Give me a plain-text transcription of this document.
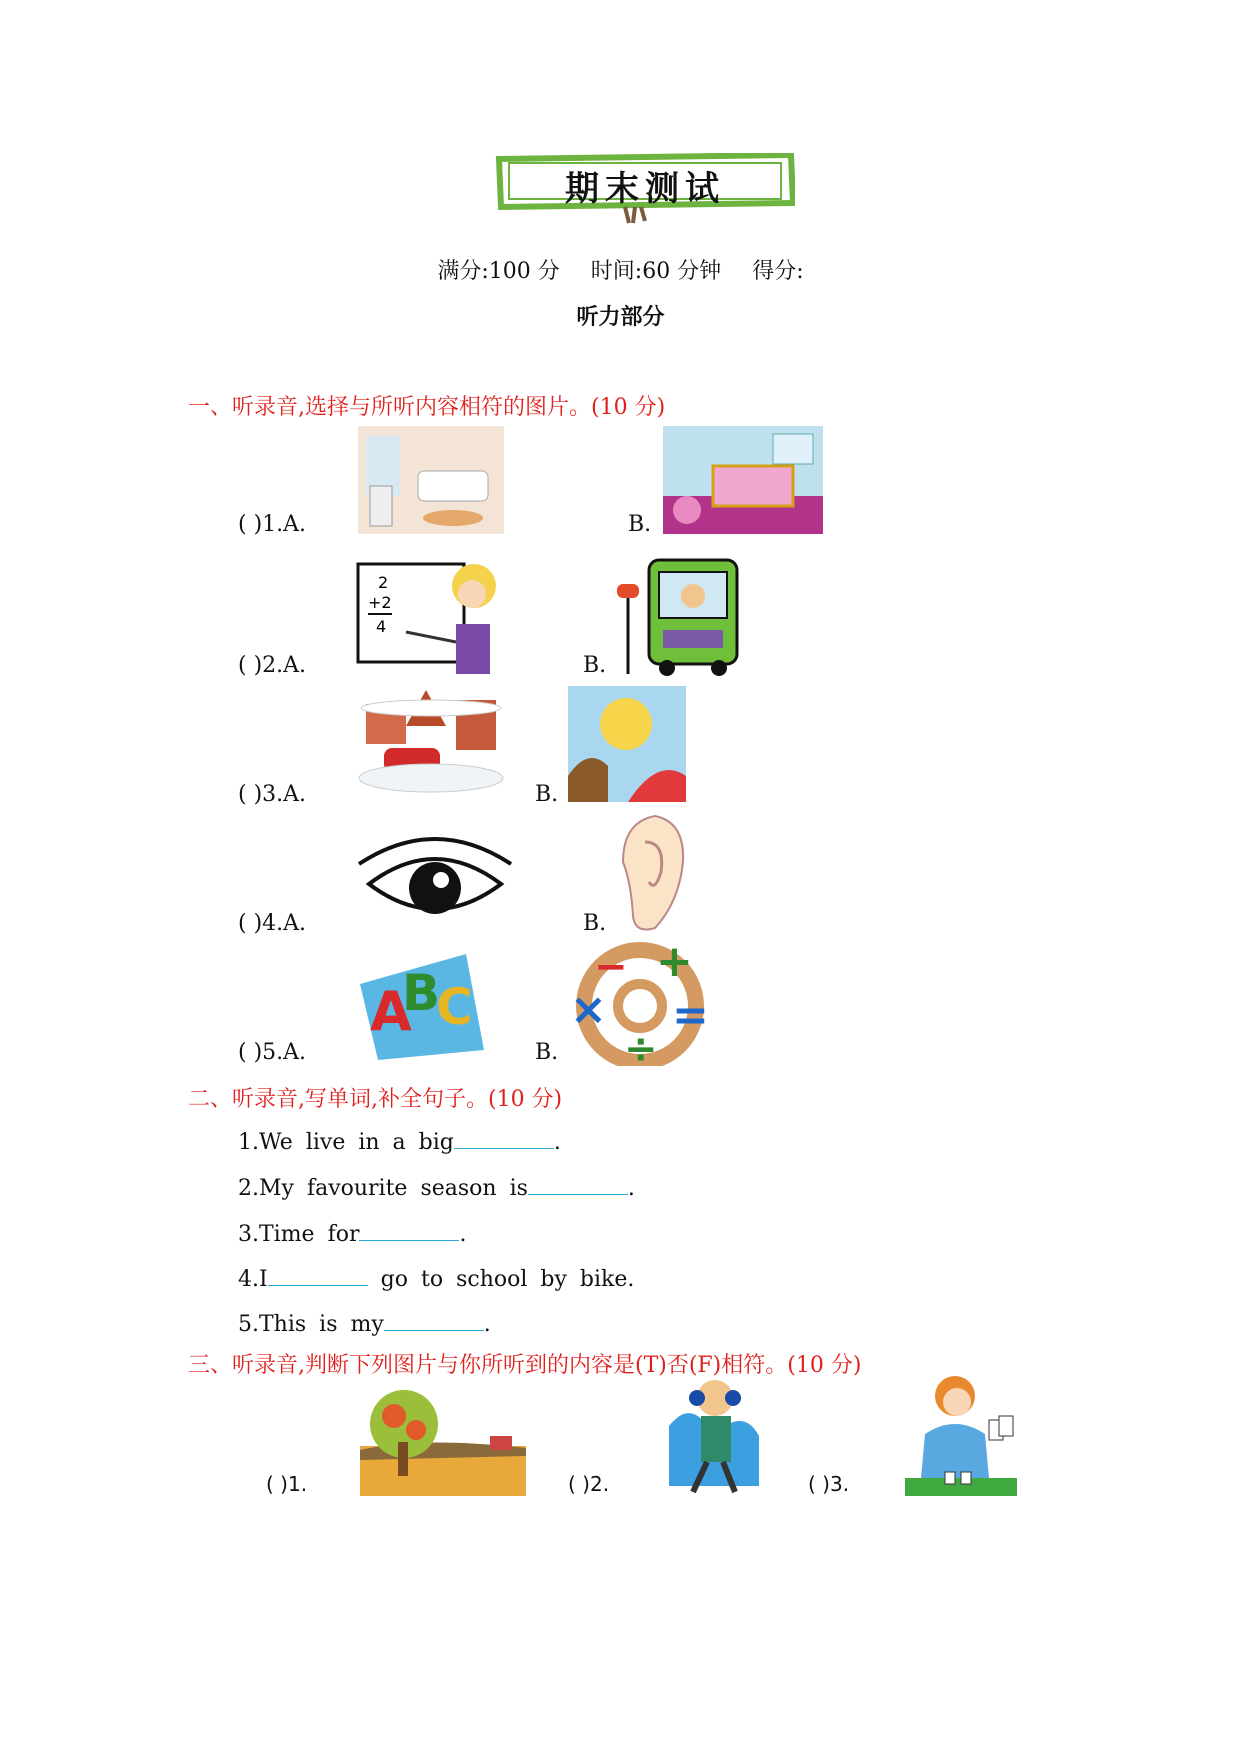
期末测试
满分:100 分 时间:60 分钟 得分:
听力部分
一、听录音,选择与所听内容相符的图片。(10 分)
( )1.A.	B.
( )2.A.
2
+2
4
B.
( )3.A.	B.
( )4.A.	B.
( )5.A.
A
B
C
B.
+
× =
÷
−
二、听录音,写单词,补全句子。(10 分)
1.We live in a big	.
2.My favourite season is	.
3.Time for	.
4.I	go to school by bike.
5.This is my	.
三、听录音,判断下列图片与你所听到的内容是(T)否(F)相符。(10 分)
( )1.	( )2.	( )3.
